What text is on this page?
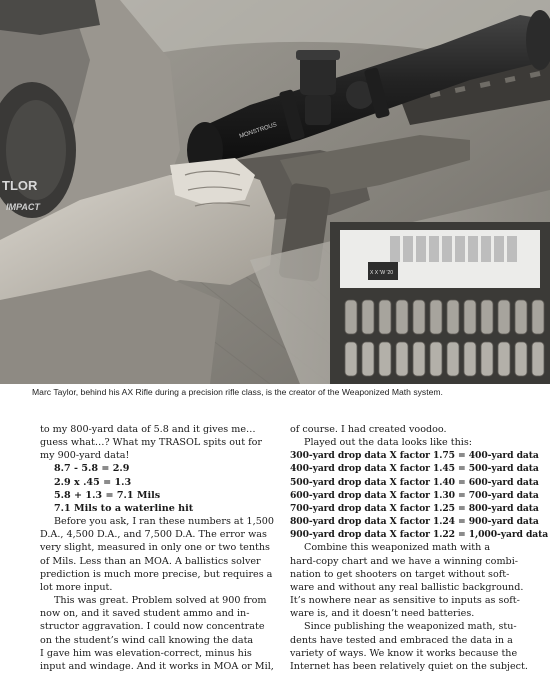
MONSTROUS
TLOR
IMPACT
X X 'W '20
Marc Taylor, behind his AX Rifle during a precision rifle class, is the creator of the Weaponized Math system.

to my 800-yard data of 5.8 and it gives me…

guess what…? What my TRASOL spits out for

my 900-yard data!

8.7 - 5.8 = 2.9

2.9 x .45 = 1.3

5.8 + 1.3 = 7.1 Mils

7.1 Mils to a waterline hit

Before you ask, I ran these numbers at 1,500

D.A., 4,500 D.A., and 7,500 D.A. The error was

very slight, measured in only one or two tenths

of Mils. Less than an MOA. A ballistics solver

prediction is much more precise, but requires a

lot more input.

This was great. Problem solved at 900 from

now on, and it saved student ammo and in-

structor aggravation. I could now concentrate

on the student’s wind call knowing the data

I gave him was elevation-correct, minus his

input and windage. And it works in MOA or Mil,

of course. I had created voodoo.

Played out the data looks like this:

300-yard drop data X factor 1.75 = 400-yard data

400-yard drop data X factor 1.45 = 500-yard data

500-yard drop data X factor 1.40 = 600-yard data

600-yard drop data X factor 1.30 = 700-yard data

700-yard drop data X factor 1.25 = 800-yard data

800-yard drop data X factor 1.24 = 900-yard data

900-yard drop data X factor 1.22 = 1,000-yard data

Combine this weaponized math with a

hard-copy chart and we have a winning combi-

nation to get shooters on target without soft-

ware and without any real ballistic background.

It’s nowhere near as sensitive to inputs as soft-

ware is, and it doesn’t need batteries.

Since publishing the weaponized math, stu-

dents have tested and embraced the data in a

variety of ways. We know it works because the

Internet has been relatively quiet on the subject.
